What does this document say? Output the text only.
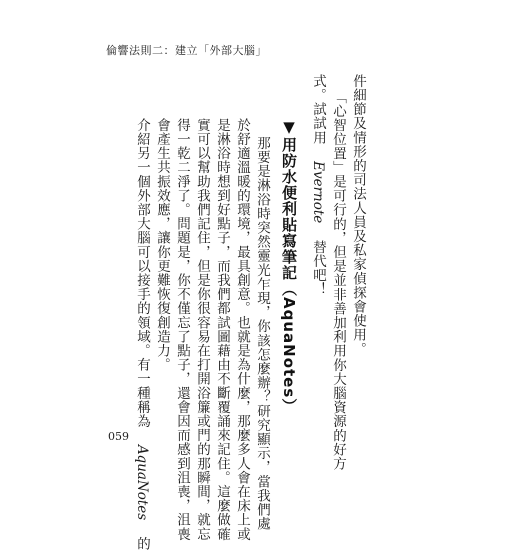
倫響法則二：建立「外部大腦」
件細節及情形的司法人員及私家偵探會使用。
「心智位置」是可行的，但是並非善加利用你大腦資源的好方
式。試試用 Evernote 替代吧！
▼用防水便利貼寫筆記（AquaNotes）
那要是淋浴時突然靈光乍現，你該怎麼辦？研究顯示，當我們處
於舒適溫暖的環境，最具創意。也就是為什麼，那麼多人會在床上或
是淋浴時想到好點子，而我們都試圖藉由不斷覆誦來記住。這麼做確
實可以幫助我們記住，但是你很容易在打開浴簾或門的那瞬間，就忘
得一乾二淨了。問題是，你不僅忘了點子，還會因而感到沮喪，沮喪
會產生共振效應，讓你更難恢復創造力。
介紹另一個外部大腦可以接手的領域。有一種稱為 AquaNotes 的
059
